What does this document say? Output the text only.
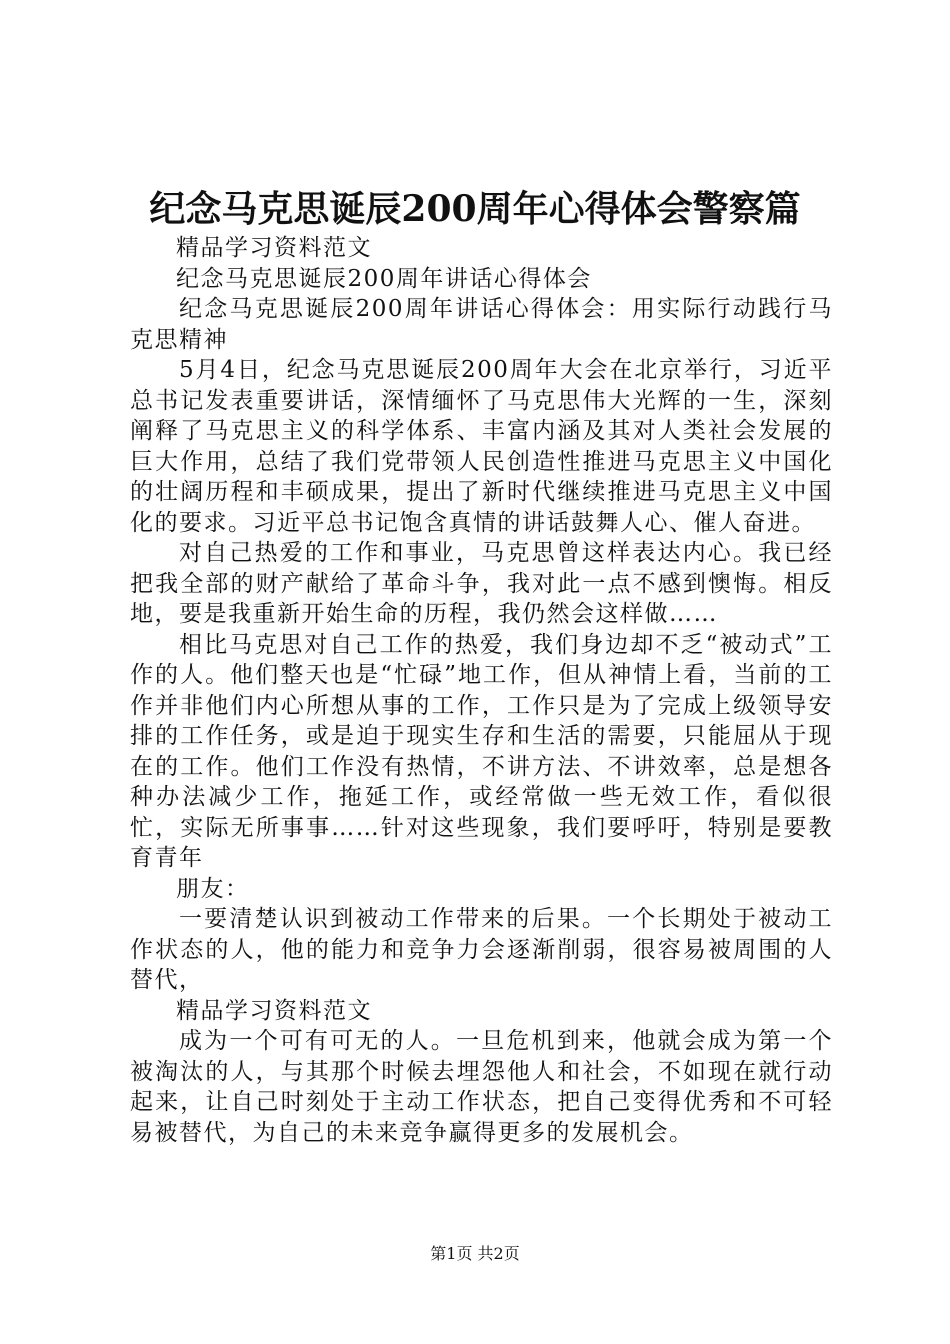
纪念马克思诞辰200周年心得体会警察篇

精品学习资料范文

纪念马克思诞辰200周年讲话心得体会

纪念马克思诞辰200周年讲话心得体会：用实际行动践行马克思精神

5月4日，纪念马克思诞辰200周年大会在北京举行，习近平总书记发表重要讲话，深情缅怀了马克思伟大光辉的一生，深刻阐释了马克思主义的科学体系、丰富内涵及其对人类社会发展的巨大作用，总结了我们党带领人民创造性推进马克思主义中国化的壮阔历程和丰硕成果，提出了新时代继续推进马克思主义中国化的要求。习近平总书记饱含真情的讲话鼓舞人心、催人奋进。

对自己热爱的工作和事业，马克思曾这样表达内心。我已经把我全部的财产献给了革命斗争，我对此一点不感到懊悔。相反地，要是我重新开始生命的历程，我仍然会这样做……

相比马克思对自己工作的热爱，我们身边却不乏“被动式”工作的人。他们整天也是“忙碌”地工作，但从神情上看，当前的工作并非他们内心所想从事的工作，工作只是为了完成上级领导安排的工作任务，或是迫于现实生存和生活的需要，只能屈从于现在的工作。他们工作没有热情，不讲方法、不讲效率，总是想各种办法减少工作，拖延工作，或经常做一些无效工作，看似很忙，实际无所事事……针对这些现象，我们要呼吁，特别是要教育青年

朋友：

一要清楚认识到被动工作带来的后果。一个长期处于被动工作状态的人，他的能力和竞争力会逐渐削弱，很容易被周围的人替代，

精品学习资料范文

成为一个可有可无的人。一旦危机到来，他就会成为第一个被淘汰的人，与其那个时候去埋怨他人和社会，不如现在就行动起来，让自己时刻处于主动工作状态，把自己变得优秀和不可轻易被替代，为自己的未来竞争赢得更多的发展机会。

第1页 共2页
